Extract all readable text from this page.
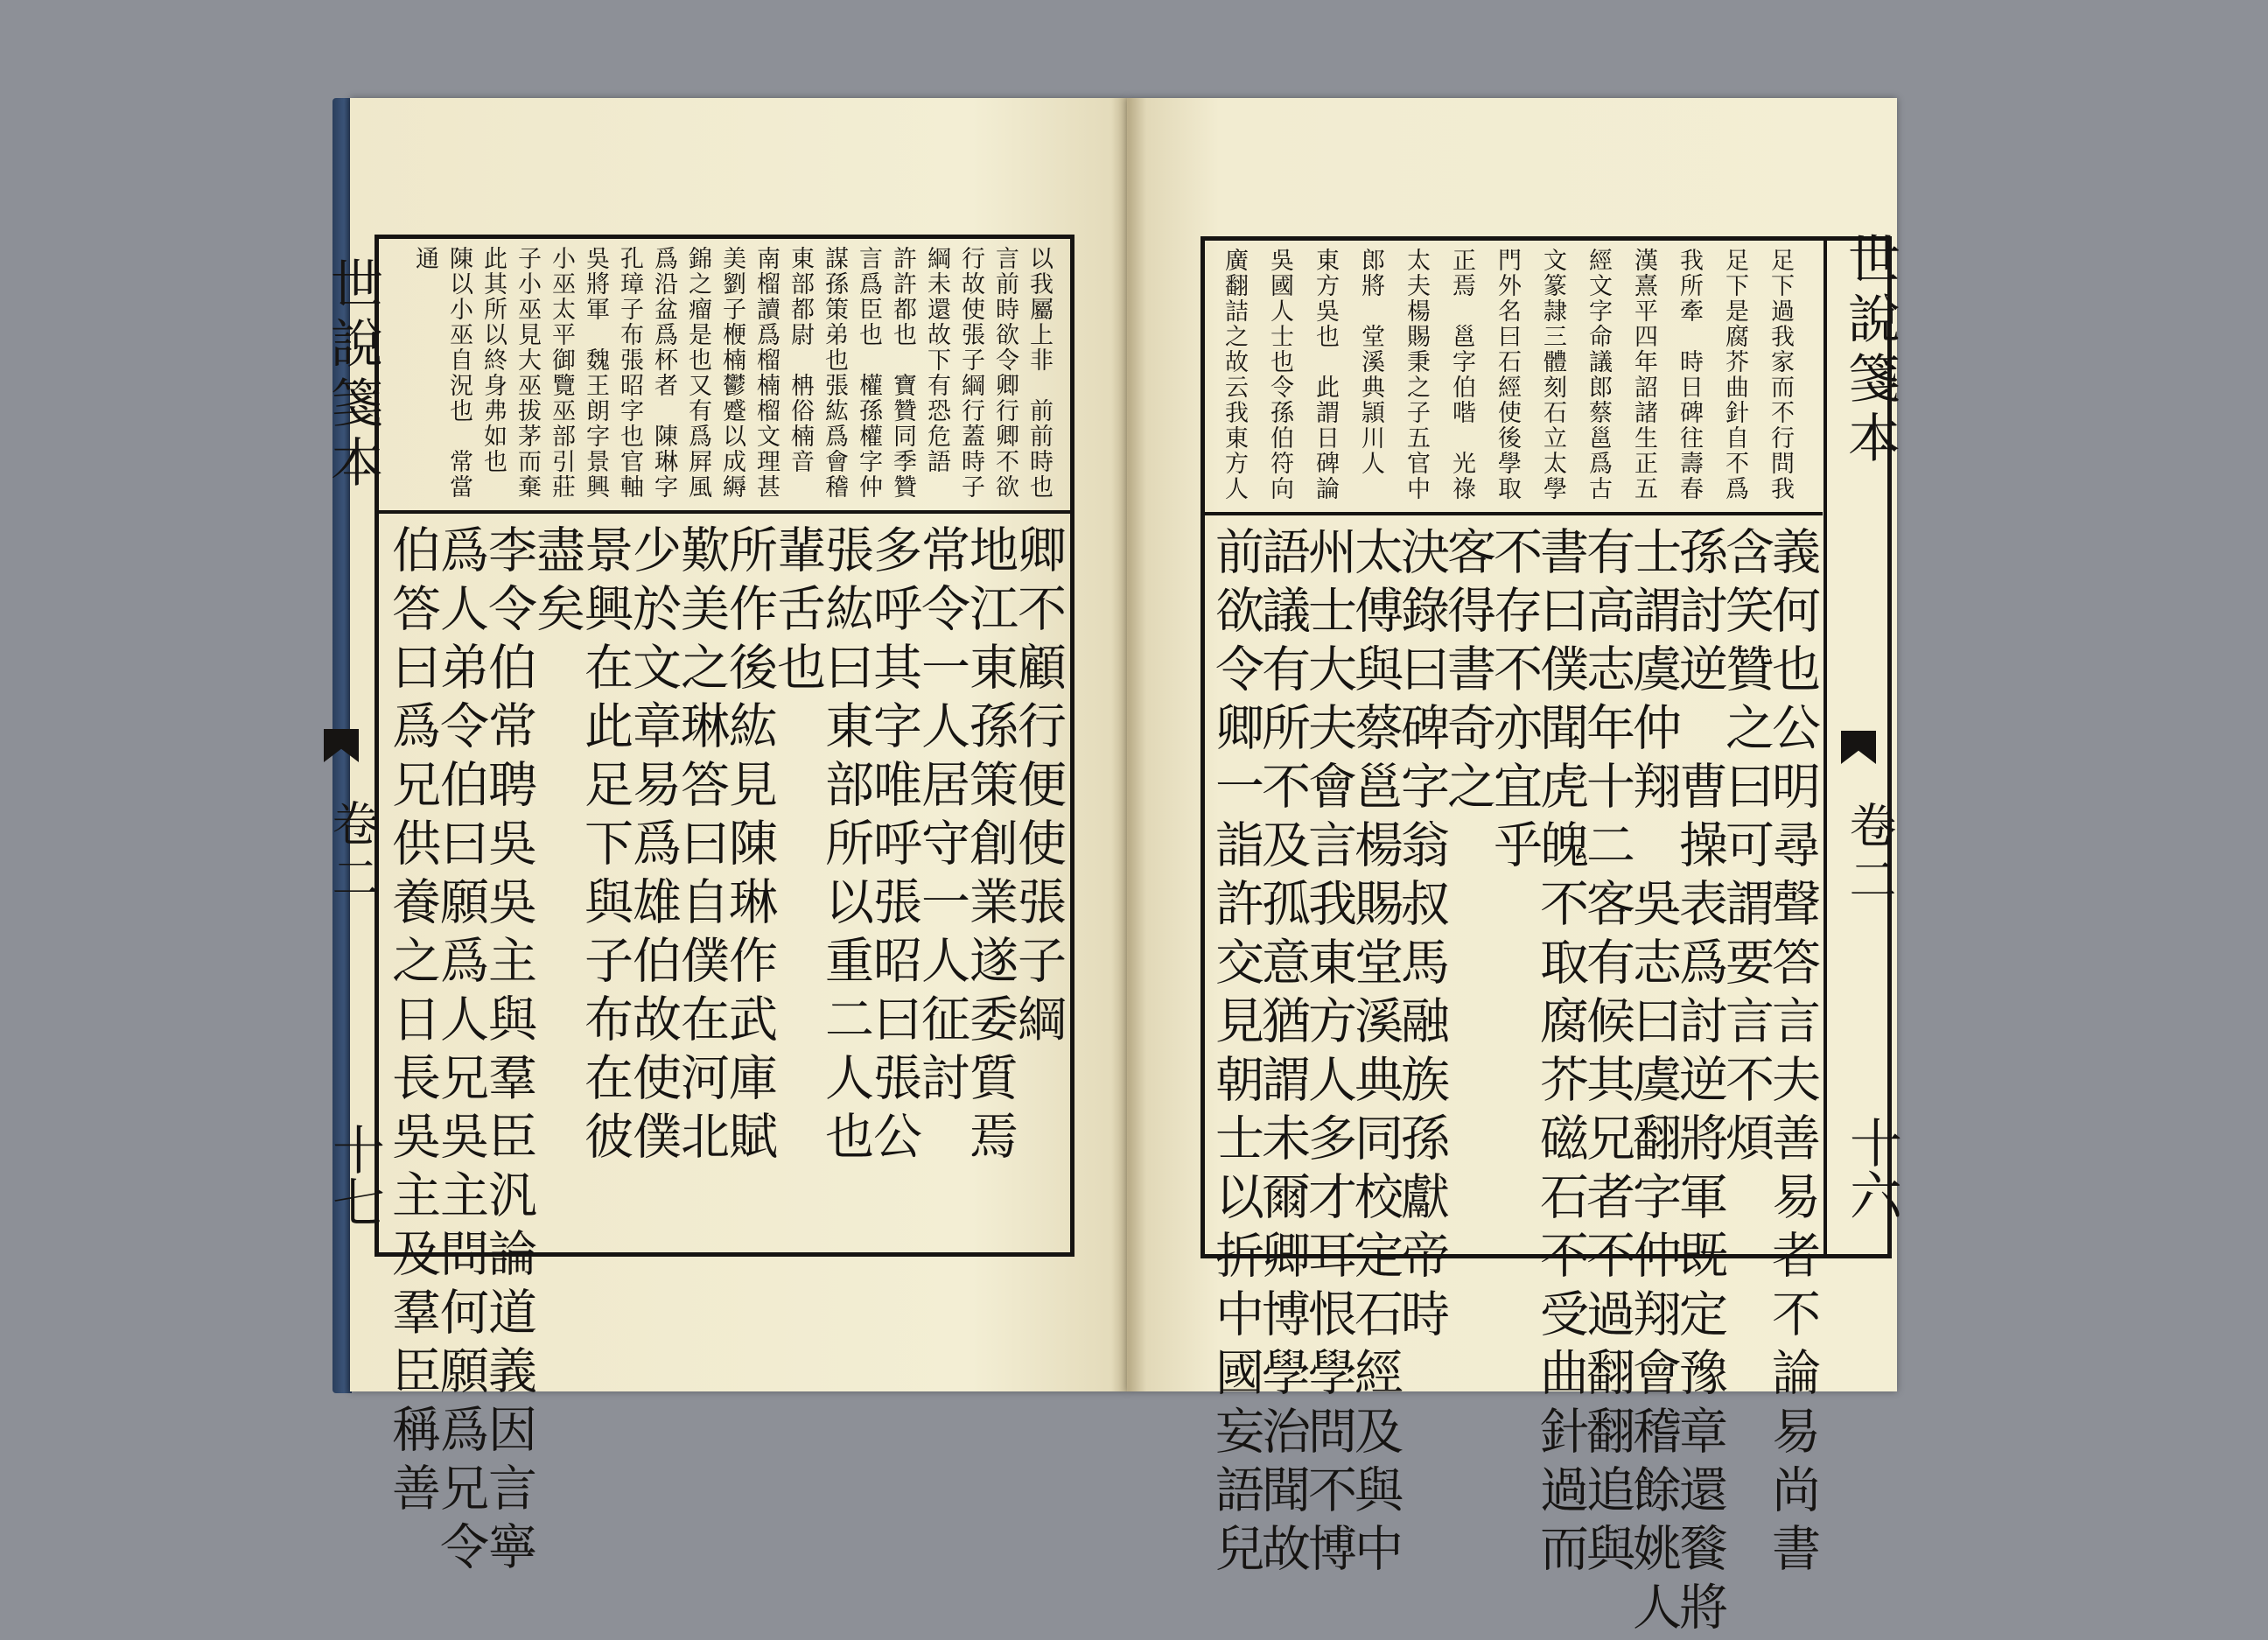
世說箋本
卷二
十七
以我屬上非　前前時也
言前時欲令卿行卿不欲
行故使張子綱行蓋時子
綱未還故下有恐危語
許許都也　寶贊同季贊
言爲臣也　權孫權字仲
謀孫策弟也張紘爲會稽
東部都尉　柟俗楠音
南榴讀爲榴楠榴文理甚
美劉子楩楠鬱蹙以成縟
錦之瘤是也又有爲屛風
爲沿盆爲杯者　陳琳字
孔璋子布張昭字也官軸
吳將軍　魏王朗字景興
小巫太平御覽巫部引莊
子小巫見大巫拔茅而棄
此其所以終身弗如也
陳以小巫自況也　常當
通
卿不顧行便使張子綱
地江東孫策創業遂委質焉
常令一人居守一人征討
多呼其字唯呼張昭曰張公
張紘曰東部所以重二人也
輩舌也
所作後紘見陳琳作武庫賦
歎美之琳答曰自僕在河北
少於文章易爲雄伯故使僕
景興在此足下與子布在彼
盡矣
李令伯常聘吳吳主與羣臣汎論道義因言寧
爲人弟令伯曰願爲人兄吳主問何願爲兄令
伯答曰爲兄供養之日長吳主及羣臣稱善
世說箋本
卷二
十六
足下過我家而不行問我
足下是腐芥曲針自不爲
我所牽　時日碑往壽春
漢熹平四年詔諸生正五
經文字命議郎蔡邕爲古
文篆隷三體刻石立太學
門外名曰石經使後學取
正焉　邕字伯喈　光祿
太夫楊賜秉之子五官中
郎將　堂溪典頴川人
東方吳也　此謂日碑論
吳國人士也令孫伯符向
廣翻詰之故云我東方人
義何也公明尋聲答言夫善易者不論易尚書
含笑贊之曰可謂要言不煩
孫討逆　曹操表爲討逆將軍既定豫章還餮將
士謂虞仲翔　吳志曰虞翻字仲翔會稽餘姚人
有高志年十二客有候其兄者不過翻翻追與
書曰僕聞虎魄不取腐芥磁石不受曲針過而
不存不亦宜乎
客得書奇之
決錄曰碑字翁叔馬融族孫獻帝時
太傅與蔡邕楊賜堂溪典同校定石經及與中
州士大夫會言我東方人多才耳恨學問不博
語議有所不及孤意猶謂未爾卿博學治聞故
前欲令卿一詣許交見朝士以折中國妄語兒
